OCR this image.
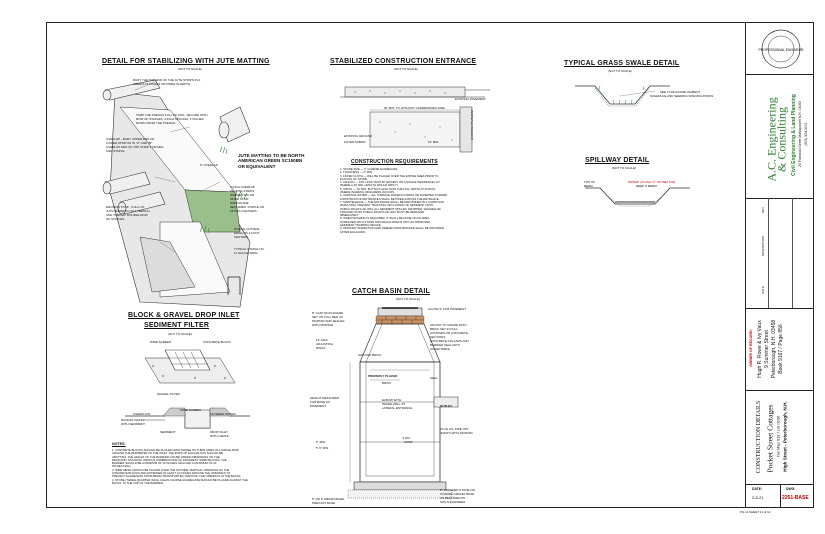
DETAIL FOR STABILIZING WITH JUTE MATTING
(NOT TO SCALE)
BURY THE TOP END OF THE JUTE STRIPS IN A
TRENCH 6 INCHES OR MORE IN DEPTH
TAMP THE TRENCH FULL OF SOIL. SECURE WITH
ROW OF STAPLES, 4 INCH SPACING, 4 INCHES
DOWN FROM THE TRENCH.
OVERLAP - BURY UPPER END OF
LOWER STRIP AS IN "A" AND "B".
OVERLAP END OF TOP STRIP 4 INCHES
AND STAPLE
6" OVERLAP
EROSION STOP - FOLD OF
JUTE BURIED IN SILT TRENCH
AND TAMPED. DOUBLE ROW
OF STAPLES.
4 INCH OVERLAP
OF JUTE STRIPS
WHERE TWO OR
MORE STRIP
WIDTHS ARE
REQUIRED. STAPLE ON
18 INCH CENTERS
STAPLE OUTSIDE
EDGE ON 2 FOOT
CENTERS.
TYPICAL STAPLE NO.
11 GAUGE WIRE
JUTE MATTING TO BE NORTH
AMERICAN GREEN SC150BN
OR EQUIVALENT
STABILIZED CONSTRUCTION ENTRANCE
(NOT TO SCALE)
EXISTING PAVEMENT
50' MIN. TO WITHOUT OVERBURDEN RISE
EXISTING GROUND
FILTER FABRIC
EXISTING PAVEMENT
10' MIN.
CONSTRUCTION REQUIREMENTS
1. STONE SIZE — 2" COARSE AGGREGATE
2. THICKNESS — 6" MIN.
3. FILTER CLOTH — WILL BE PLACED OVER THE ENTIRE AREA PRIOR TO
PLACING OF STONE.
4. LENGTH — NOT LESS THAN 50' (EXCEPT ON A SINGLE RESIDENCE LOT
WHERE A 30' MIN. LENGTH WOULD APPLY).
5. WIDTH — 10' MIN. BUT NOT LESS THAN THE FULL WIDTH AT POINTS
WHERE INGRESS OR EGRESS OCCURS.
6. SURFACE WATER — ALL SURFACE WATER FLOWING OR DIVERTED TOWARD
CONSTRUCTION ENTRANCES SHALL BE PIPED ACROSS THE ENTRANCE.
7. MAINTENANCE — THE ENTRANCE SHALL BE MAINTAINED IN A CONDITION
WHICH WILL PREVENT TRACKING OR FLOWING OF SEDIMENT ONTO
PUBLIC RIGHTS-OF-WAY. ALL SEDIMENT SPILLED, DROPPED, WASHED OR
TRACKED ONTO PUBLIC RIGHTS-OF-WAY MUST BE REMOVED
IMMEDIATELY.
8. WHEN WASHING IS REQUIRED, IT SHALL BE DONE ON AN AREA
STABILIZED WITH STONE AND WHICH DRAINS INTO AN APPROVED
SEDIMENT TRAPPING DEVICE.
9. PERIODIC INSPECTION AND NEEDED MAINTENANCE SHALL BE PROVIDED
AFTER EACH RAIN.
TYPICAL GRASS SWALE DETAIL
(NOT TO SCALE)
SEE TYPE ESTABLISHMENT
SCHEDULE AND SEEDING SPECIFICATIONS
SPILLWAY DETAIL
(NOT TO SCALE)
TOP OF
BERM
RIPRAP (CLASS "C" STONE) FOR
DEEP 6' BERM
BLOCK & GRAVEL DROP INLET
SEDIMENT FILTER
(NOT TO SCALE)
WIRE SCREEN	CONCRETE BLOCK
GRAVEL FILTER
WIRE SCREEN
FILTERED WATER
OVERFLOW
RUNOFF WATER
WITH SEDIMENT
SEDIMENT	DROP INLET
WITH GRATE
NOTES:
1. CONCRETE BLOCKS SHOULD BE PLACED LENGTHWISE ON THEIR SIDES IN A SINGLE ROW
AROUND THE PERIMETER OF THE INLET. THE ENDS OF EACH BLOCK SHOULD BE
ABUTTING. THE HEIGHT OF THE BARRIER CAN BE VARIED DEPENDING ON THE
DESIGN BY STACKING VARIOUS COMBINATIONS OF DIFFERENT SIZED BLOCKS. THE
BARRIER SHOULD BE A MINIMUM OF 12 INCHES HIGH AND A MAXIMUM OF 24
INCHES HIGH.
2. WIRE MESH SHOULD BE PLACED OVER THE OUTSIDE VERTICAL OPENINGS OF THE
CONCRETE BLOCKS AND EXTENDED AT LEAST 12 INCHES AROUND THE OPENINGS TO
PREVENT AGGREGATE FROM BEING TRANSPORTED THROUGH THE OPENINGS IN THE BLOCK.
3. STONE (THREE-QUARTER INCH) CLEAN COARSE AGGREGATE SHOULD BE PLACED AGAINST THE
BLOCK TO THE TOP OF THE BARRIER.
CATCH BASIN DETAIL
(NOT TO SCALE)
ALLOW 3" FOR PAVEMENT
8" CAST IRON FRAME
SET ON FULL BED OF
MORTAR AND SEALED
WITH MORTAR	ADJUST TO GRADE WITH
BRICK SET IN FULL
COURSES OR CONCRETE
SECTIONS
12" MAX
ADJUSTING
RINGS
CONCRETE COLLARS AND
BARRIER SEALANTS
ACCEPTABLE
GROUND BRICK
PROPERLY PLACED
BRICK
SEAL
HEIGHT MEASURED
FOR BASE OF
PAVEMENT
ELBOW WITH
INSIDE WALL AT
LATERAL ENTRANCE	OUTLET
PLUG ALL PIPE OPT
JOINTS WITH MORTAR
4' DIA.
SUMP
6" MIN.
5' 6" MIN.
6" CRUSHED STONE OR
COARSE GRAVEL BASE
AS REQUIRED BY
SOILS ENGINEER
5" OR 6" REINFORCED
PRECAST BASE
PROFESSIONAL ENGINEER
A.C. Engineering
& Consulting Civil Engineering & Land Planning 25 Foxwood Street Mattapoisett N.H. 03063 (603) 924-3001
DESCRIPTION
REV
DATE
OWNER OF RECORD: Hugh R. Rowe & Ivy Vaux 9 Summer Street Peterborough, N.H. 03458 Book 9167 / Page 856
CONSTRUCTION DETAILS Pocket Street Cottages Tax Map 019 / Lot 0106 High Street - Peterborough, N.H.
DATE:
2-8-21
DWG:
2251-BASE
PG.11 SHEET 11 of 11
